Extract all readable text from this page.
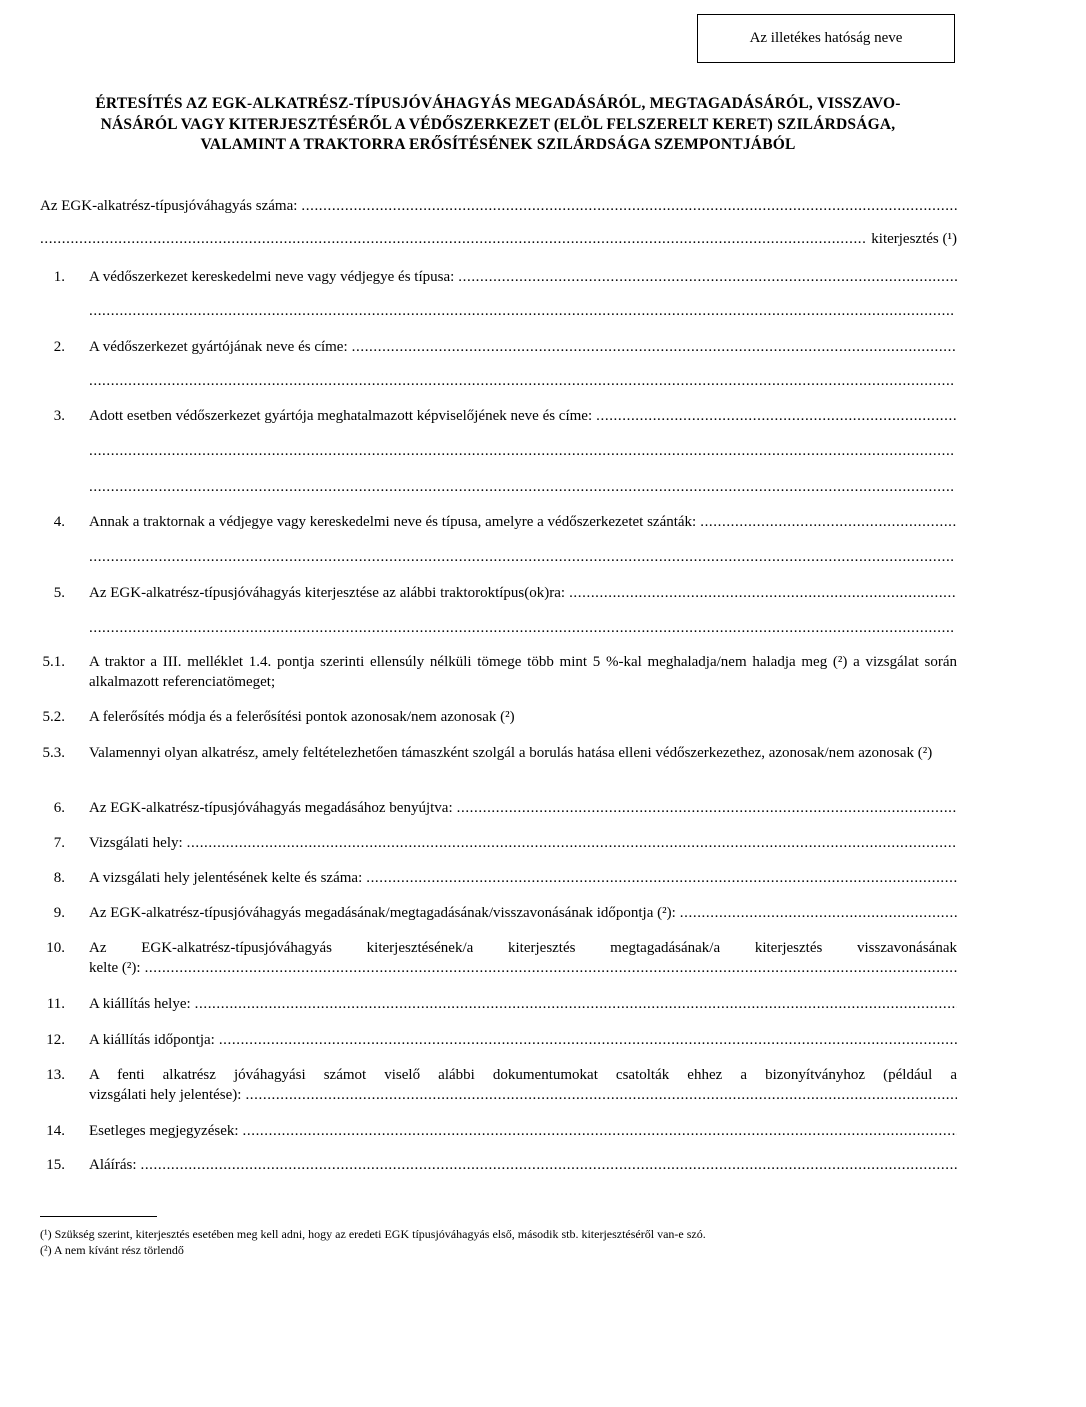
Az illetékes hatóság neve
ÉRTESÍTÉS AZ EGK-ALKATRÉSZ-TÍPUSJÓVÁHAGYÁS MEGADÁSÁRÓL, MEGTAGADÁSÁRÓL, VISSZAVO-
NÁSÁRÓL VAGY KITERJESZTÉSÉRŐL A VÉDŐSZERKEZET (ELÖL FELSZERELT KERET) SZILÁRDSÁGA,
VALAMINT A TRAKTORRA ERŐSÍTÉSÉNEK SZILÁRDSÁGA SZEMPONTJÁBÓL
Az EGK-alkatrész-típusjóváhagyás száma:
.....
.....
kiterjesztés (¹)
1. A védőszerkezet kereskedelmi neve vagy védjegye és típusa:
.....
.....
2. A védőszerkezet gyártójának neve és címe:
.....
.....
3. Adott esetben védőszerkezet gyártója meghatalmazott képviselőjének neve és címe:
.....
.....
.....
4. Annak a traktornak a védjegye vagy kereskedelmi neve és típusa, amelyre a védőszerkezetet szánták:
.....
.....
5. Az EGK-alkatrész-típusjóváhagyás kiterjesztése az alábbi traktoroktípus(ok)ra:
.....
.....
5.1. A traktor a III. melléklet 1.4. pontja szerinti ellensúly nélküli tömege több mint 5 %-kal meghaladja/nem haladja meg (²) a vizsgálat során alkalmazott referenciatömeget;
5.2. A felerősítés módja és a felerősítési pontok azonosak/nem azonosak (²)
5.3. Valamennyi olyan alkatrész, amely feltételezhetően támaszként szolgál a borulás hatása elleni védőszerkezethez, azonosak/nem azonosak (²)
6. Az EGK-alkatrész-típusjóváhagyás megadásához benyújtva:
.....
7. Vizsgálati hely:
.....
8. A vizsgálati hely jelentésének kelte és száma:
.....
9. Az EGK-alkatrész-típusjóváhagyás megadásának/megtagadásának/visszavonásának időpontja (²):
.....
10. Az EGK-alkatrész-típusjóváhagyás kiterjesztésének/a kiterjesztés megtagadásának/a kiterjesztés visszavonásának
kelte (²):
.....
11. A kiállítás helye:
.....
12. A kiállítás időpontja:
.....
13. A fenti alkatrész jóváhagyási számot viselő alábbi dokumentumokat csatolták ehhez a bizonyítványhoz (például a
vizsgálati hely jelentése):
.....
14. Esetleges megjegyzések:
.....
15. Aláírás:
.....
(¹) Szükség szerint, kiterjesztés esetében meg kell adni, hogy az eredeti EGK típusjóváhagyás első, második stb. kiterjesztéséről van-e szó.
(²) A nem kívánt rész törlendő
